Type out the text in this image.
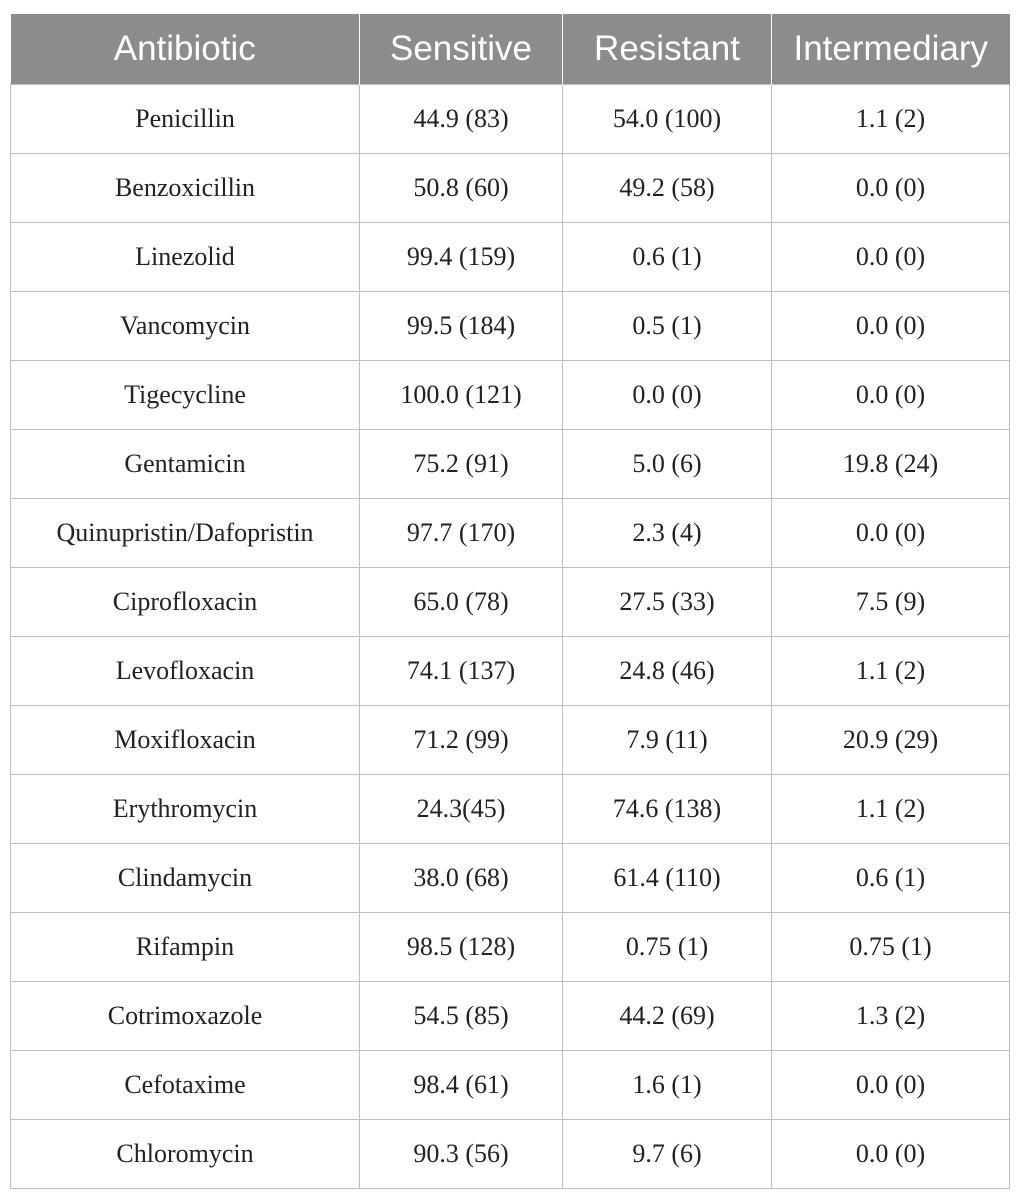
Antibiotic	Sensitive	Resistant	Intermediary
Penicillin	44.9 (83)	54.0 (100)	1.1 (2)
Benzoxicillin	50.8 (60)	49.2 (58)	0.0 (0)
Linezolid	99.4 (159)	0.6 (1)	0.0 (0)
Vancomycin	99.5 (184)	0.5 (1)	0.0 (0)
Tigecycline	100.0 (121)	0.0 (0)	0.0 (0)
Gentamicin	75.2 (91)	5.0 (6)	19.8 (24)
Quinupristin/Dafopristin	97.7 (170)	2.3 (4)	0.0 (0)
Ciprofloxacin	65.0 (78)	27.5 (33)	7.5 (9)
Levofloxacin	74.1 (137)	24.8 (46)	1.1 (2)
Moxifloxacin	71.2 (99)	7.9 (11)	20.9 (29)
Erythromycin	24.3(45)	74.6 (138)	1.1 (2)
Clindamycin	38.0 (68)	61.4 (110)	0.6 (1)
Rifampin	98.5 (128)	0.75 (1)	0.75 (1)
Cotrimoxazole	54.5 (85)	44.2 (69)	1.3 (2)
Cefotaxime	98.4 (61)	1.6 (1)	0.0 (0)
Chloromycin	90.3 (56)	9.7 (6)	0.0 (0)
